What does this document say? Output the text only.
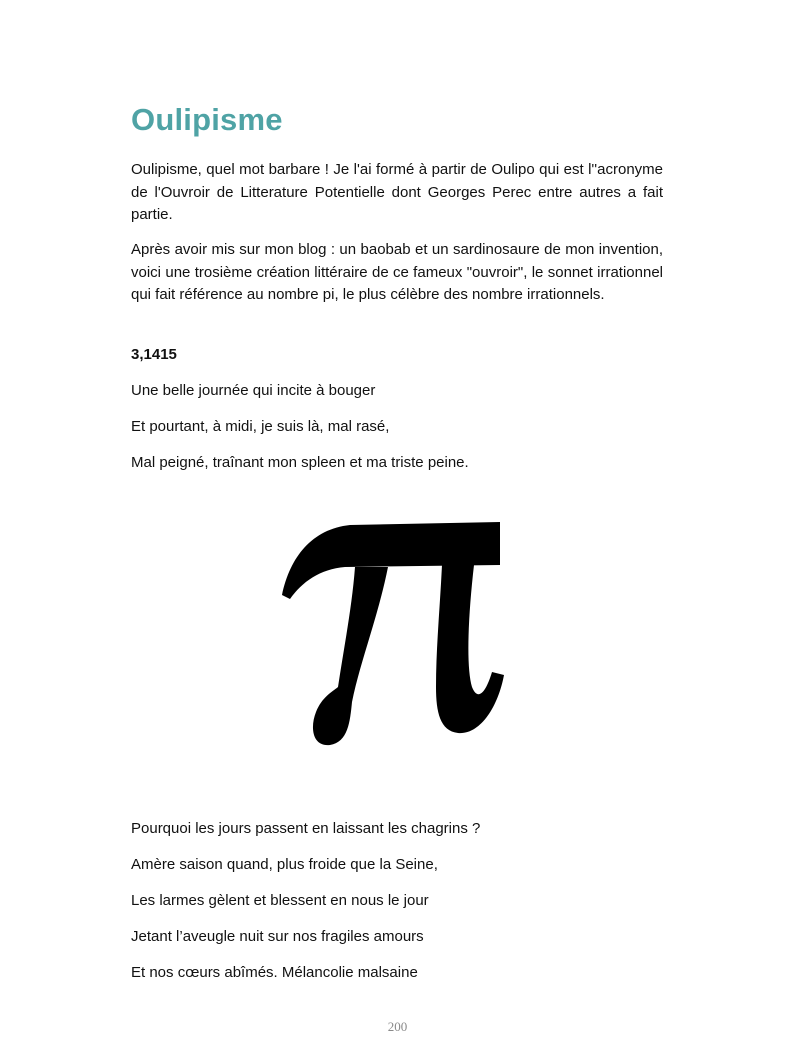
Oulipisme

Oulipisme, quel mot barbare ! Je l'ai formé à partir de Oulipo qui est l''acronyme de l'Ouvroir de Litterature Potentielle dont Georges Perec entre autres a fait partie.

Après avoir mis sur mon blog : un baobab et un sardinosaure de mon invention, voici une trosième création littéraire de ce fameux "ouvroir", le sonnet irrationnel qui fait référence au nombre pi, le plus célèbre des nombre irrationnels.

3,1415

Une belle journée qui incite à bouger

Et pourtant, à midi, je suis là, mal rasé,

Mal peigné, traînant mon spleen et ma triste peine.

Pourquoi les jours passent en laissant les chagrins ?

Amère saison quand, plus froide que la Seine,

Les larmes gèlent et blessent en nous le jour

Jetant l’aveugle nuit sur nos fragiles amours

Et nos cœurs abîmés. Mélancolie malsaine

200
